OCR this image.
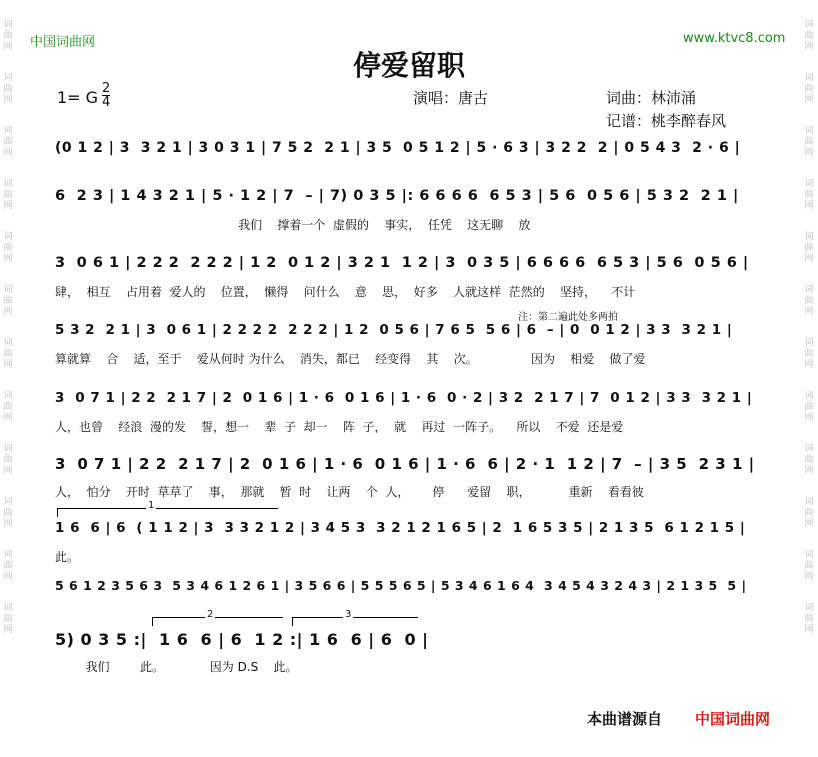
词
曲
网
词
曲
网
词
曲
网
词
曲
网
词
曲
网
词
曲
网
词
曲
网
词
曲
网
词
曲
网
词
曲
网
词
曲
网
词
曲
网
词
曲
网
词
曲
网
词
曲
网
词
曲
网
词
曲
网
词
曲
网
词
曲
网
词
曲
网
词
曲
网
词
曲
网
词
曲
网
词
曲
网
中国词曲网	www.ktvc8.com
停爱留职
1= G $\frac{2}{4}$	演唱：唐古	词曲：林沛涌
记谱：桃李醉春风
(0 1 2 | 3  3 2 1 | 3 0 3 1 | 7 5 2  2 1 | 3 5  0 5 1 2 | 5 · 6 3 | 3 2 2  2 | 0 5 4 3  2 · 6 |
6  2 3 | 1 4 3 2 1 | 5 · 1 2 | 7  – | 7) 0 3 5 |: 6 6 6 6  6 5 3 | 5 6  0 5 6 | 5 3 2  2 1 |
我们    撑着一个  虚假的    事实，  任凭    这无聊    放
3  0 6 1 | 2 2 2  2 2 2 | 1 2  0 1 2 | 3 2 1  1 2 | 3  0 3 5 | 6 6 6 6  6 5 3 | 5 6  0 5 6 |
肆，  相互    占用着  爱人的    位置，  懒得    问什么    意    思，  好多    人就这样  茫然的    坚持，    不计
5 3 2  2 1 | 3  0 6 1 | 2 2 2 2  2 2 2 | 1 2  0 5 6 | 7 6 5  5 6 | 6  – | 0  0 1 2 | 3 3  3 2 1 |
算就算    合    适，至于    爱从何时 为什么    消失，都已    经变得    其    次。              因为    相爱    做了爱
3  0 7 1 | 2 2  2 1 7 | 2  0 1 6 | 1 · 6  0 1 6 | 1 · 6  0 · 2 | 3 2  2 1 7 | 7  0 1 2 | 3 3  3 2 1 |
人，也曾    经浪  漫的发    誓，想一    辈  子  却一    阵  子，  就    再过  一阵子。    所以    不爱  还是爱
3  0 7 1 | 2 2  2 1 7 | 2  0 1 6 | 1 · 6  0 1 6 | 1 · 6  6 | 2 · 1  1 2 | 7  – | 3 5  2 3 1 |
人，  怕分    开时  草草了    事，  那就    暂  时    让两    个  人，      停      爱留    职，          重新    看看彼
1 6  6 | 6  ( 1 1 2 | 3  3 3 2 1 2 | 3 4 5 3  3 2 1 2 1 6 5 | 2  1 6 5 3 5 | 2 1 3 5  6 1 2 1 5 |
此。
5 6 1 2 3 5 6 3  5 3 4 6 1 2 6 1 | 3 5 6 6 | 5 5 5 6 5 | 5 3 4 6 1 6 4  3 4 5 4 3 2 4 3 | 2 1 3 5  5 |
5) 0 3 5 :|  1 6  6 | 6  1 2 :| 1 6  6 | 6  0 |
我们        此。            因为 D.S    此。
注：第二遍此处多两拍
1
2	3
本曲谱源自 中国词曲网
